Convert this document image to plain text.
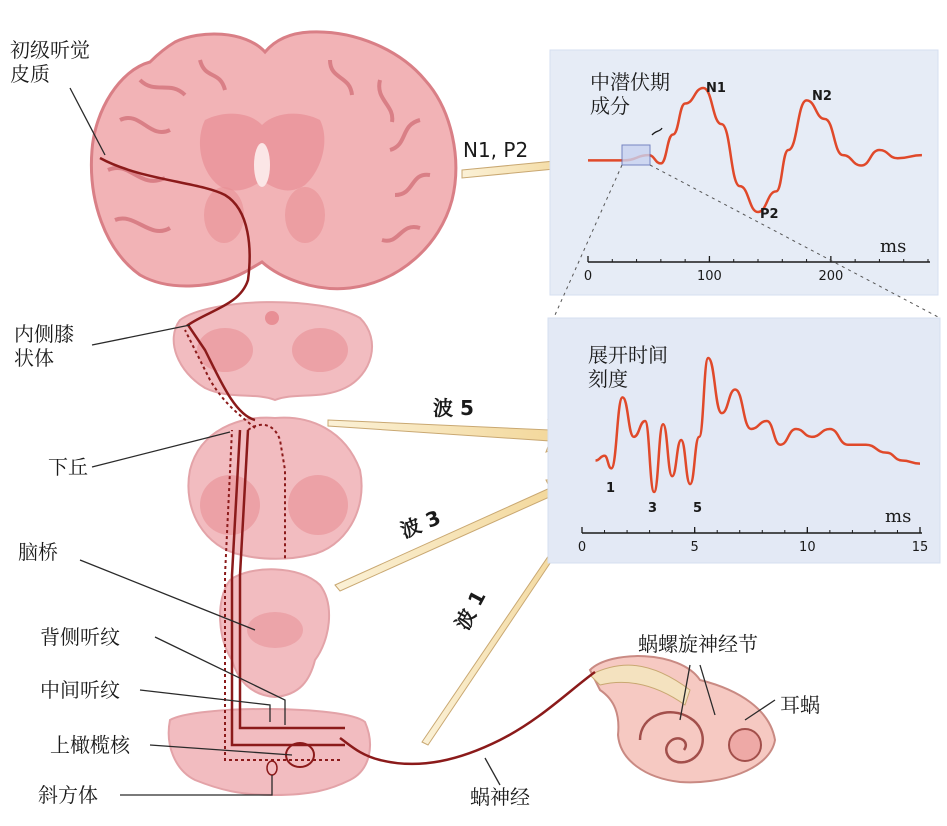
0	100	200
ms
N1
N2
P2
0	5	10	15
ms
1
3	5
初级听觉
皮质
内侧膝
状体
下丘
脑桥
背侧听纹
中间听纹
上橄榄核
斜方体	蜗神经
蜗螺旋神经节
耳蜗
N1, P2
波 5
波 3
波 1
中潜伏期
成分
展开时间
刻度
